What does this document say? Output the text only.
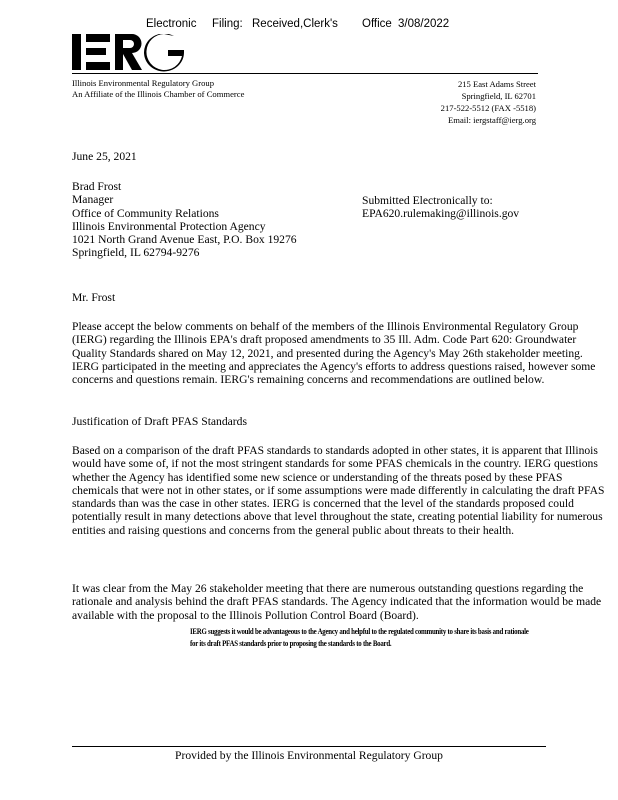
Electronic Filing: Received,Clerk's Office 3/08/2022
Illinois Environmental Regulatory Group
An Affiliate of the Illinois Chamber of Commerce
215 East Adams Street
Springfield, IL 62701
217-522-5512 (FAX -5518)
Email: iergstaff@ierg.org
June 25, 2021
Brad Frost
Manager
Office of Community Relations
Illinois Environmental Protection Agency
1021 North Grand Avenue East, P.O. Box 19276
Springfield, IL 62794-9276
Submitted Electronically to:
EPA620.rulemaking@illinois.gov
Mr. Frost
Please accept the below comments on behalf of the members of the Illinois Environmental Regulatory Group (IERG) regarding the Illinois EPA's draft proposed amendments to 35 Ill. Adm. Code Part 620: Groundwater Quality Standards shared on May 12, 2021, and presented during the Agency's May 26th stakeholder meeting. IERG participated in the meeting and appreciates the Agency's efforts to address questions raised, however some concerns and questions remain. IERG's remaining concerns and recommendations are outlined below.
Justification of Draft PFAS Standards
Based on a comparison of the draft PFAS standards to standards adopted in other states, it is apparent that Illinois would have some of, if not the most stringent standards for some PFAS chemicals in the country. IERG questions whether the Agency has identified some new science or understanding of the threats posed by these PFAS chemicals that were not in other states, or if some assumptions were made differently in calculating the draft PFAS standards than was the case in other states. IERG is concerned that the level of the standards proposed could potentially result in many detections above that level throughout the state, creating potential liability for numerous entities and raising questions and concerns from the general public about threats to their health.
It was clear from the May 26 stakeholder meeting that there are numerous outstanding questions regarding the rationale and analysis behind the draft PFAS standards. The Agency indicated that the information would be made available with the proposal to the Illinois Pollution Control Board (Board).
IERG suggests it would be advantageous to the Agency and helpful to the regulated community to share its basis and rationale for its draft PFAS standards prior to proposing the standards to the Board.
Provided by the Illinois Environmental Regulatory Group
